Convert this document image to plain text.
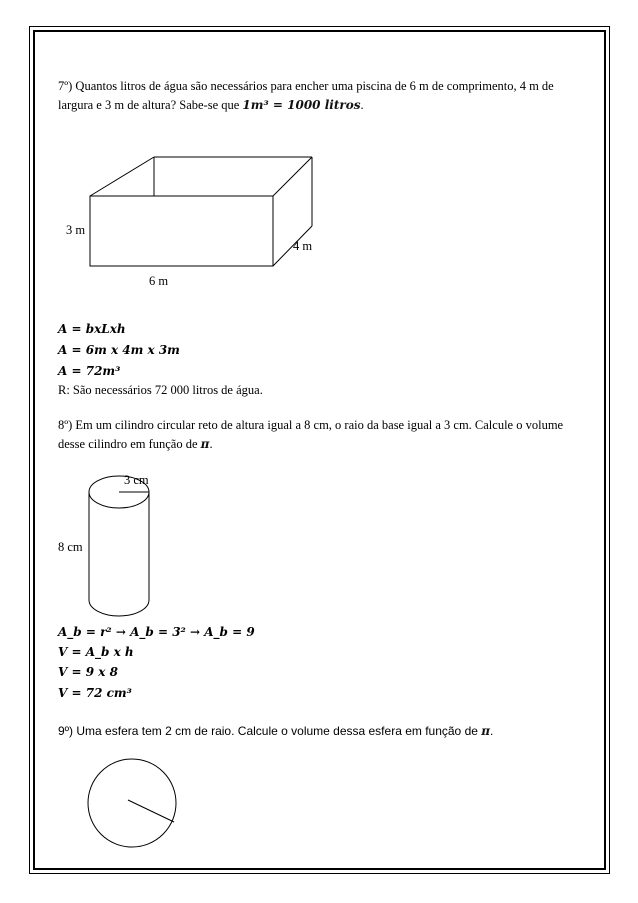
7º) Quantos litros de água são necessários para encher uma piscina de 6 m de comprimento, 4 m de
largura e 3 m de altura? Sabe-se que 1m³ = 1000 litros.
3 m
4 m
6 m
A = bxLxh
A = 6m x 4m x 3m
A = 72m³
R: São necessários 72 000 litros de água.
8º) Em um cilindro circular reto de altura igual a 8 cm, o raio da base igual a 3 cm. Calcule o volume
desse cilindro em função de π.
3 cm
8 cm
A_b = r² → A_b = 3² → A_b = 9
V = A_b x h
V = 9 x 8
V = 72 cm³
9º) Uma esfera tem 2 cm de raio. Calcule o volume dessa esfera em função de π.
